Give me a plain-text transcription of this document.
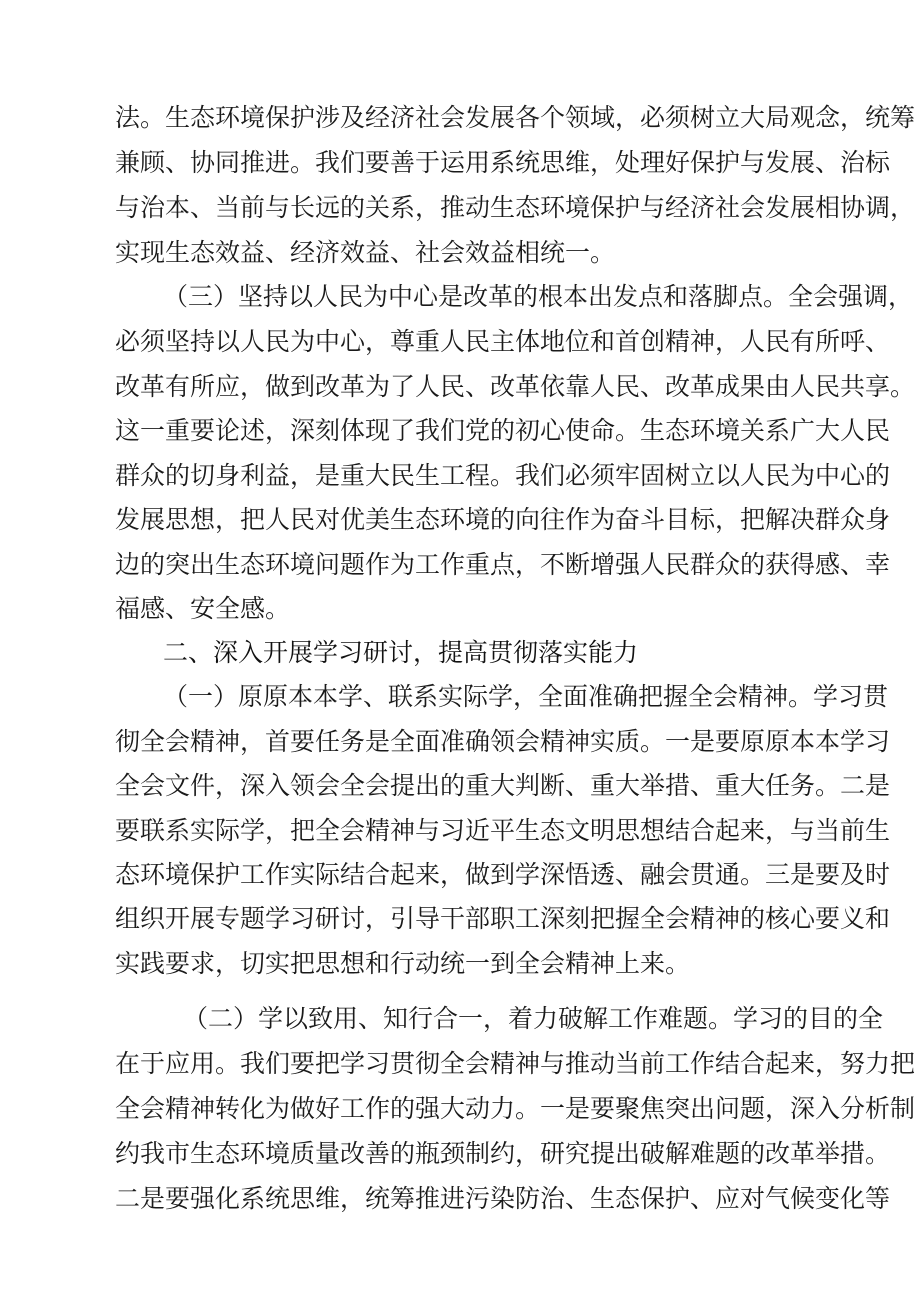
法。生态环境保护涉及经济社会发展各个领域，必须树立大局观念，统筹
兼顾、协同推进。我们要善于运用系统思维，处理好保护与发展、治标
与治本、当前与长远的关系，推动生态环境保护与经济社会发展相协调，
实现生态效益、经济效益、社会效益相统一。
（三）坚持以人民为中心是改革的根本出发点和落脚点。全会强调，
必须坚持以人民为中心，尊重人民主体地位和首创精神，人民有所呼、
改革有所应，做到改革为了人民、改革依靠人民、改革成果由人民共享。
这一重要论述，深刻体现了我们党的初心使命。生态环境关系广大人民
群众的切身利益，是重大民生工程。我们必须牢固树立以人民为中心的
发展思想，把人民对优美生态环境的向往作为奋斗目标，把解决群众身
边的突出生态环境问题作为工作重点，不断增强人民群众的获得感、幸
福感、安全感。
二、深入开展学习研讨，提高贯彻落实能力
（一）原原本本学、联系实际学，全面准确把握全会精神。学习贯
彻全会精神，首要任务是全面准确领会精神实质。一是要原原本本学习
全会文件，深入领会全会提出的重大判断、重大举措、重大任务。二是
要联系实际学，把全会精神与习近平生态文明思想结合起来，与当前生
态环境保护工作实际结合起来，做到学深悟透、融会贯通。三是要及时
组织开展专题学习研讨，引导干部职工深刻把握全会精神的核心要义和
实践要求，切实把思想和行动统一到全会精神上来。
（二）学以致用、知行合一，着力破解工作难题。学习的目的全
在于应用。我们要把学习贯彻全会精神与推动当前工作结合起来，努力把
全会精神转化为做好工作的强大动力。一是要聚焦突出问题，深入分析制
约我市生态环境质量改善的瓶颈制约，研究提出破解难题的改革举措。
二是要强化系统思维，统筹推进污染防治、生态保护、应对气候变化等
